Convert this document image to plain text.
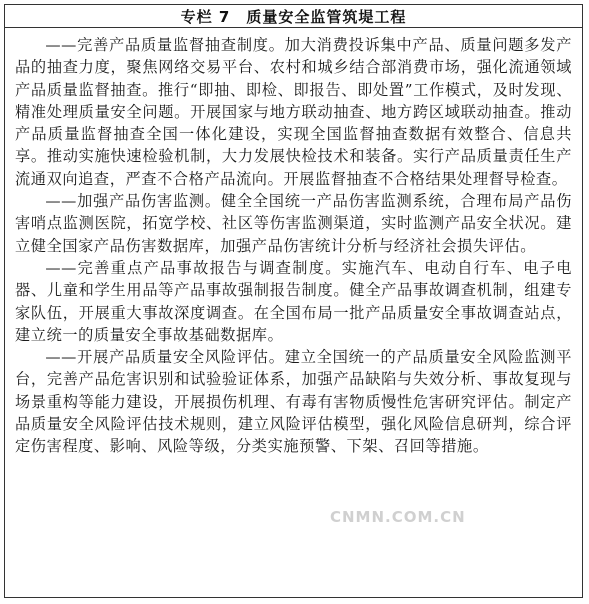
专栏 7　质量安全监管筑堤工程

——完善产品质量监督抽查制度。加大消费投诉集中产品、质量问题多发产品的抽查力度，聚焦网络交易平台、农村和城乡结合部消费市场，强化流通领域产品质量监督抽查。推行“即抽、即检、即报告、即处置”工作模式，及时发现、精准处理质量安全问题。开展国家与地方联动抽查、地方跨区域联动抽查。推动产品质量监督抽查全国一体化建设，实现全国监督抽查数据有效整合、信息共享。推动实施快速检验机制，大力发展快检技术和装备。实行产品质量责任生产流通双向追查，严查不合格产品流向。开展监督抽查不合格结果处理督导检查。

——加强产品伤害监测。健全全国统一产品伤害监测系统，合理布局产品伤害哨点监测医院，拓宽学校、社区等伤害监测渠道，实时监测产品安全状况。建立健全国家产品伤害数据库，加强产品伤害统计分析与经济社会损失评估。

——完善重点产品事故报告与调查制度。实施汽车、电动自行车、电子电器、儿童和学生用品等产品事故强制报告制度。健全产品事故调查机制，组建专家队伍，开展重大事故深度调查。在全国布局一批产品质量安全事故调查站点，建立统一的质量安全事故基础数据库。

——开展产品质量安全风险评估。建立全国统一的产品质量安全风险监测平台，完善产品危害识别和试验验证体系，加强产品缺陷与失效分析、事故复现与场景重构等能力建设，开展损伤机理、有毒有害物质慢性危害研究评估。制定产品质量安全风险评估技术规则，建立风险评估模型，强化风险信息研判，综合评定伤害程度、影响、风险等级，分类实施预警、下架、召回等措施。

CNMN.COM.CN
